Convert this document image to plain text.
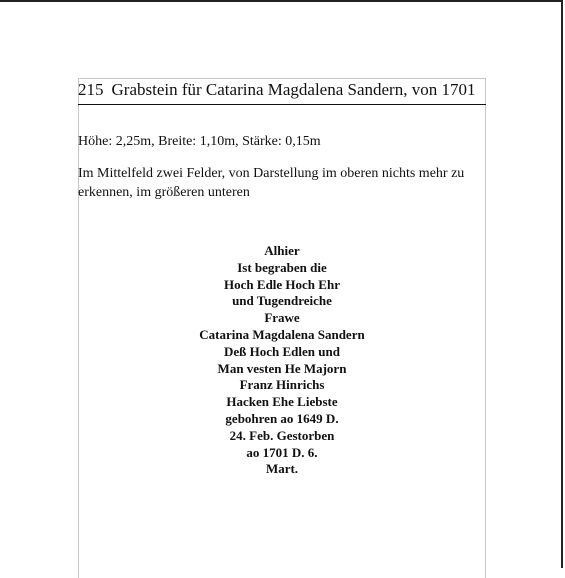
215 Grabstein für Catarina Magdalena Sandern, von 1701

Höhe: 2,25m, Breite: 1,10m, Stärke: 0,15m

Im Mittelfeld zwei Felder, von Darstellung im oberen nichts mehr zu erkennen, im größeren unteren

Alhier
Ist begraben die
Hoch Edle Hoch Ehr
und Tugendreiche
Frawe
Catarina Magdalena Sandern
Deß Hoch Edlen und
Man vesten He Majorn
Franz Hinrichs
Hacken Ehe Liebste
gebohren ao 1649 D.
24. Feb. Gestorben
ao 1701 D. 6.
Mart.
